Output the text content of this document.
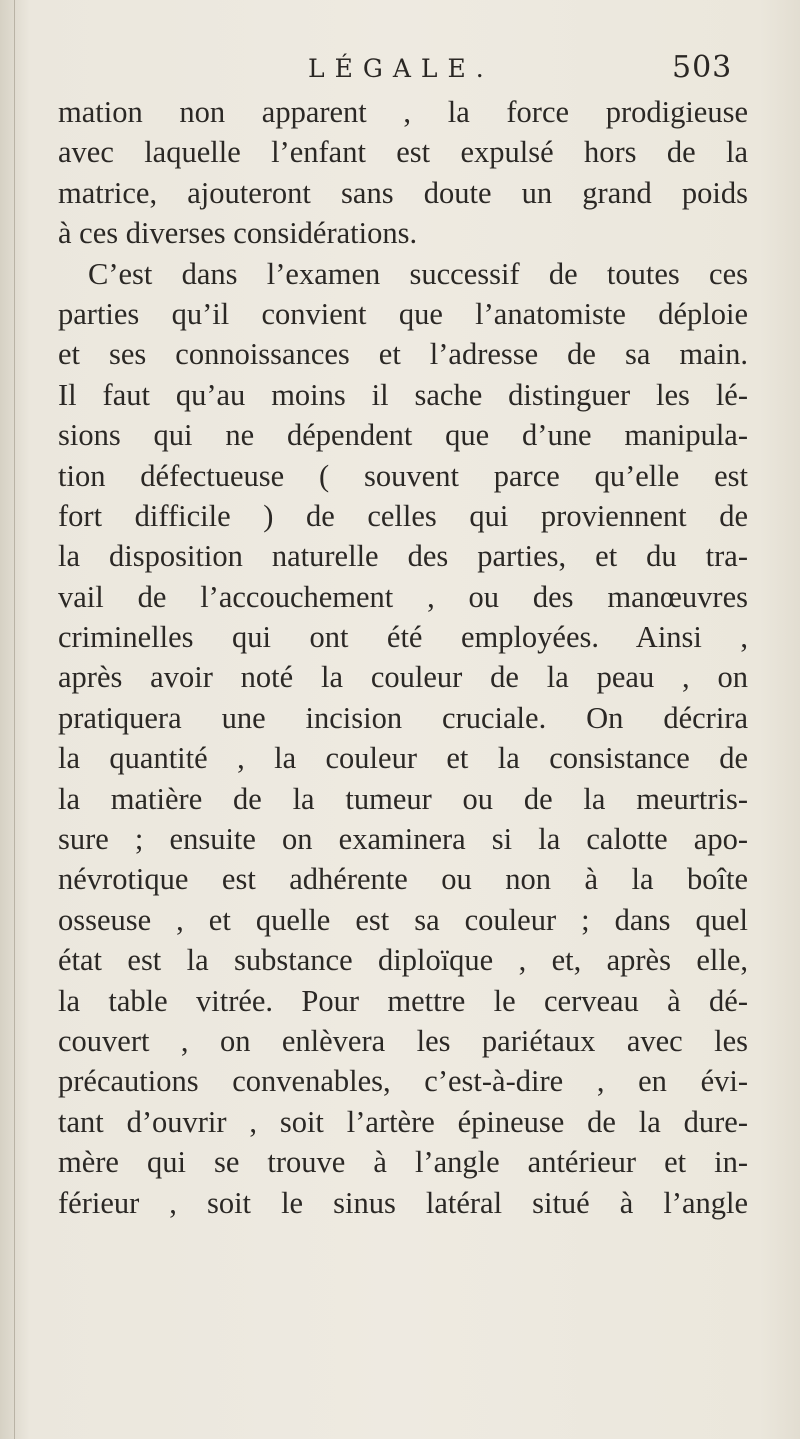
LÉGALE.	503
mation non apparent , la force prodigieuse
avec laquelle l’enfant est expulsé hors de la
matrice, ajouteront sans doute un grand poids
à ces diverses considérations.
C’est dans l’examen successif de toutes ces
parties qu’il convient que l’anatomiste déploie
et ses connoissances et l’adresse de sa main.
Il faut qu’au moins il sache distinguer les lé-
sions qui ne dépendent que d’une manipula-
tion défectueuse ( souvent parce qu’elle est
fort difficile ) de celles qui proviennent de
la disposition naturelle des parties, et du tra-
vail de l’accouchement , ou des manœuvres
criminelles qui ont été employées. Ainsi ,
après avoir noté la couleur de la peau , on
pratiquera une incision cruciale. On décrira
la quantité , la couleur et la consistance de
la matière de la tumeur ou de la meurtris-
sure ; ensuite on examinera si la calotte apo-
névrotique est adhérente ou non à la boîte
osseuse , et quelle est sa couleur ; dans quel
état est la substance diploïque , et, après elle,
la table vitrée. Pour mettre le cerveau à dé-
couvert , on enlèvera les pariétaux avec les
précautions convenables, c’est-à-dire , en évi-
tant d’ouvrir , soit l’artère épineuse de la dure-
mère qui se trouve à l’angle antérieur et in-
férieur , soit le sinus latéral situé à l’angle
